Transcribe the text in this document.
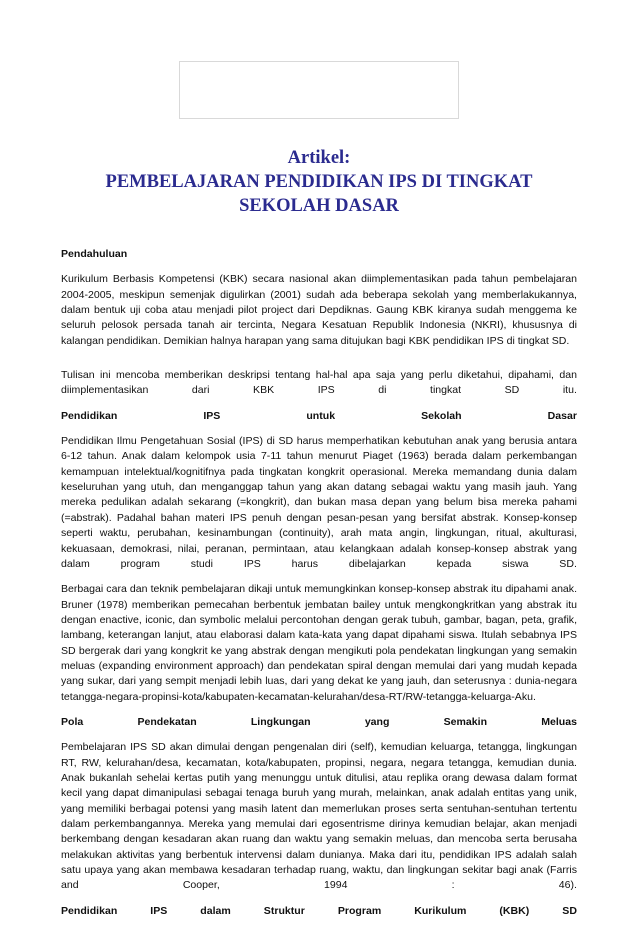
Artikel:
PEMBELAJARAN PENDIDIKAN IPS DI TINGKAT
SEKOLAH DASAR
Pendahuluan
Kurikulum Berbasis Kompetensi (KBK) secara nasional akan diimplementasikan pada tahun pembelajaran 2004-2005, meskipun semenjak digulirkan (2001) sudah ada beberapa sekolah yang memberlakukannya, dalam bentuk uji coba atau menjadi pilot project dari Depdiknas. Gaung KBK kiranya sudah menggema ke seluruh pelosok persada tanah air tercinta, Negara Kesatuan Republik Indonesia (NKRI), khususnya di kalangan pendidikan. Demikian halnya harapan yang sama ditujukan bagi KBK pendidikan IPS di tingkat SD.
Tulisan ini mencoba memberikan deskripsi tentang hal-hal apa saja yang perlu diketahui, dipahami, dan
diimplementasikan	dari	KBK	IPS	di	tingkat	SD	itu.
Pendidikan	IPS	untuk	Sekolah	Dasar
Pendidikan Ilmu Pengetahuan Sosial (IPS) di SD harus memperhatikan kebutuhan anak yang berusia antara 6-12 tahun. Anak dalam kelompok usia 7-11 tahun menurut Piaget (1963) berada dalam perkembangan kemampuan intelektual/kognitifnya pada tingkatan kongkrit operasional. Mereka memandang dunia dalam keseluruhan yang utuh, dan menganggap tahun yang akan datang sebagai waktu yang masih jauh. Yang mereka pedulikan adalah sekarang (=kongkrit), dan bukan masa depan yang belum bisa mereka pahami (=abstrak). Padahal bahan materi IPS penuh dengan pesan-pesan yang bersifat abstrak. Konsep-konsep seperti waktu, perubahan, kesinambungan (continuity), arah mata angin, lingkungan, ritual, akulturasi, kekuasaan, demokrasi, nilai, peranan, permintaan, atau kelangkaan adalah konsep-konsep abstrak yang
dalam	program	studi	IPS	harus	dibelajarkan	kepada	siswa	SD.
Berbagai cara dan teknik pembelajaran dikaji untuk memungkinkan konsep-konsep abstrak itu dipahami anak. Bruner (1978) memberikan pemecahan berbentuk jembatan bailey untuk mengkongkritkan yang abstrak itu dengan enactive, iconic, dan symbolic melalui percontohan dengan gerak tubuh, gambar, bagan, peta, grafik, lambang, keterangan lanjut, atau elaborasi dalam kata-kata yang dapat dipahami siswa. Itulah sebabnya IPS SD bergerak dari yang kongkrit ke yang abstrak dengan mengikuti pola pendekatan lingkungan yang semakin meluas (expanding environment approach) dan pendekatan spiral dengan memulai dari yang mudah kepada yang sukar, dari yang sempit menjadi lebih luas, dari yang dekat ke yang jauh, dan seterusnya : dunia-negara tetangga-negara-propinsi-kota/kabupaten-kecamatan-kelurahan/desa-RT/RW-tetangga-keluarga-Aku.
Pola	Pendekatan	Lingkungan	yang	Semakin	Meluas
Pembelajaran IPS SD akan dimulai dengan pengenalan diri (self), kemudian keluarga, tetangga, lingkungan RT, RW, kelurahan/desa, kecamatan, kota/kabupaten, propinsi, negara, negara tetangga, kemudian dunia. Anak bukanlah sehelai kertas putih yang menunggu untuk ditulisi, atau replika orang dewasa dalam format kecil yang dapat dimanipulasi sebagai tenaga buruh yang murah, melainkan, anak adalah entitas yang unik, yang memiliki berbagai potensi yang masih latent dan memerlukan proses serta sentuhan-sentuhan tertentu dalam perkembangannya. Mereka yang memulai dari egosentrisme dirinya kemudian belajar, akan menjadi berkembang dengan kesadaran akan ruang dan waktu yang semakin meluas, dan mencoba serta berusaha melakukan aktivitas yang berbentuk intervensi dalam dunianya. Maka dari itu, pendidikan IPS adalah salah satu upaya yang akan membawa kesadaran terhadap ruang, waktu, dan lingkungan sekitar bagi anak (Farris
and	Cooper,	1994	:	46).
Pendidikan	IPS	dalam	Struktur	Program	Kurikulum	(KBK)	SD
